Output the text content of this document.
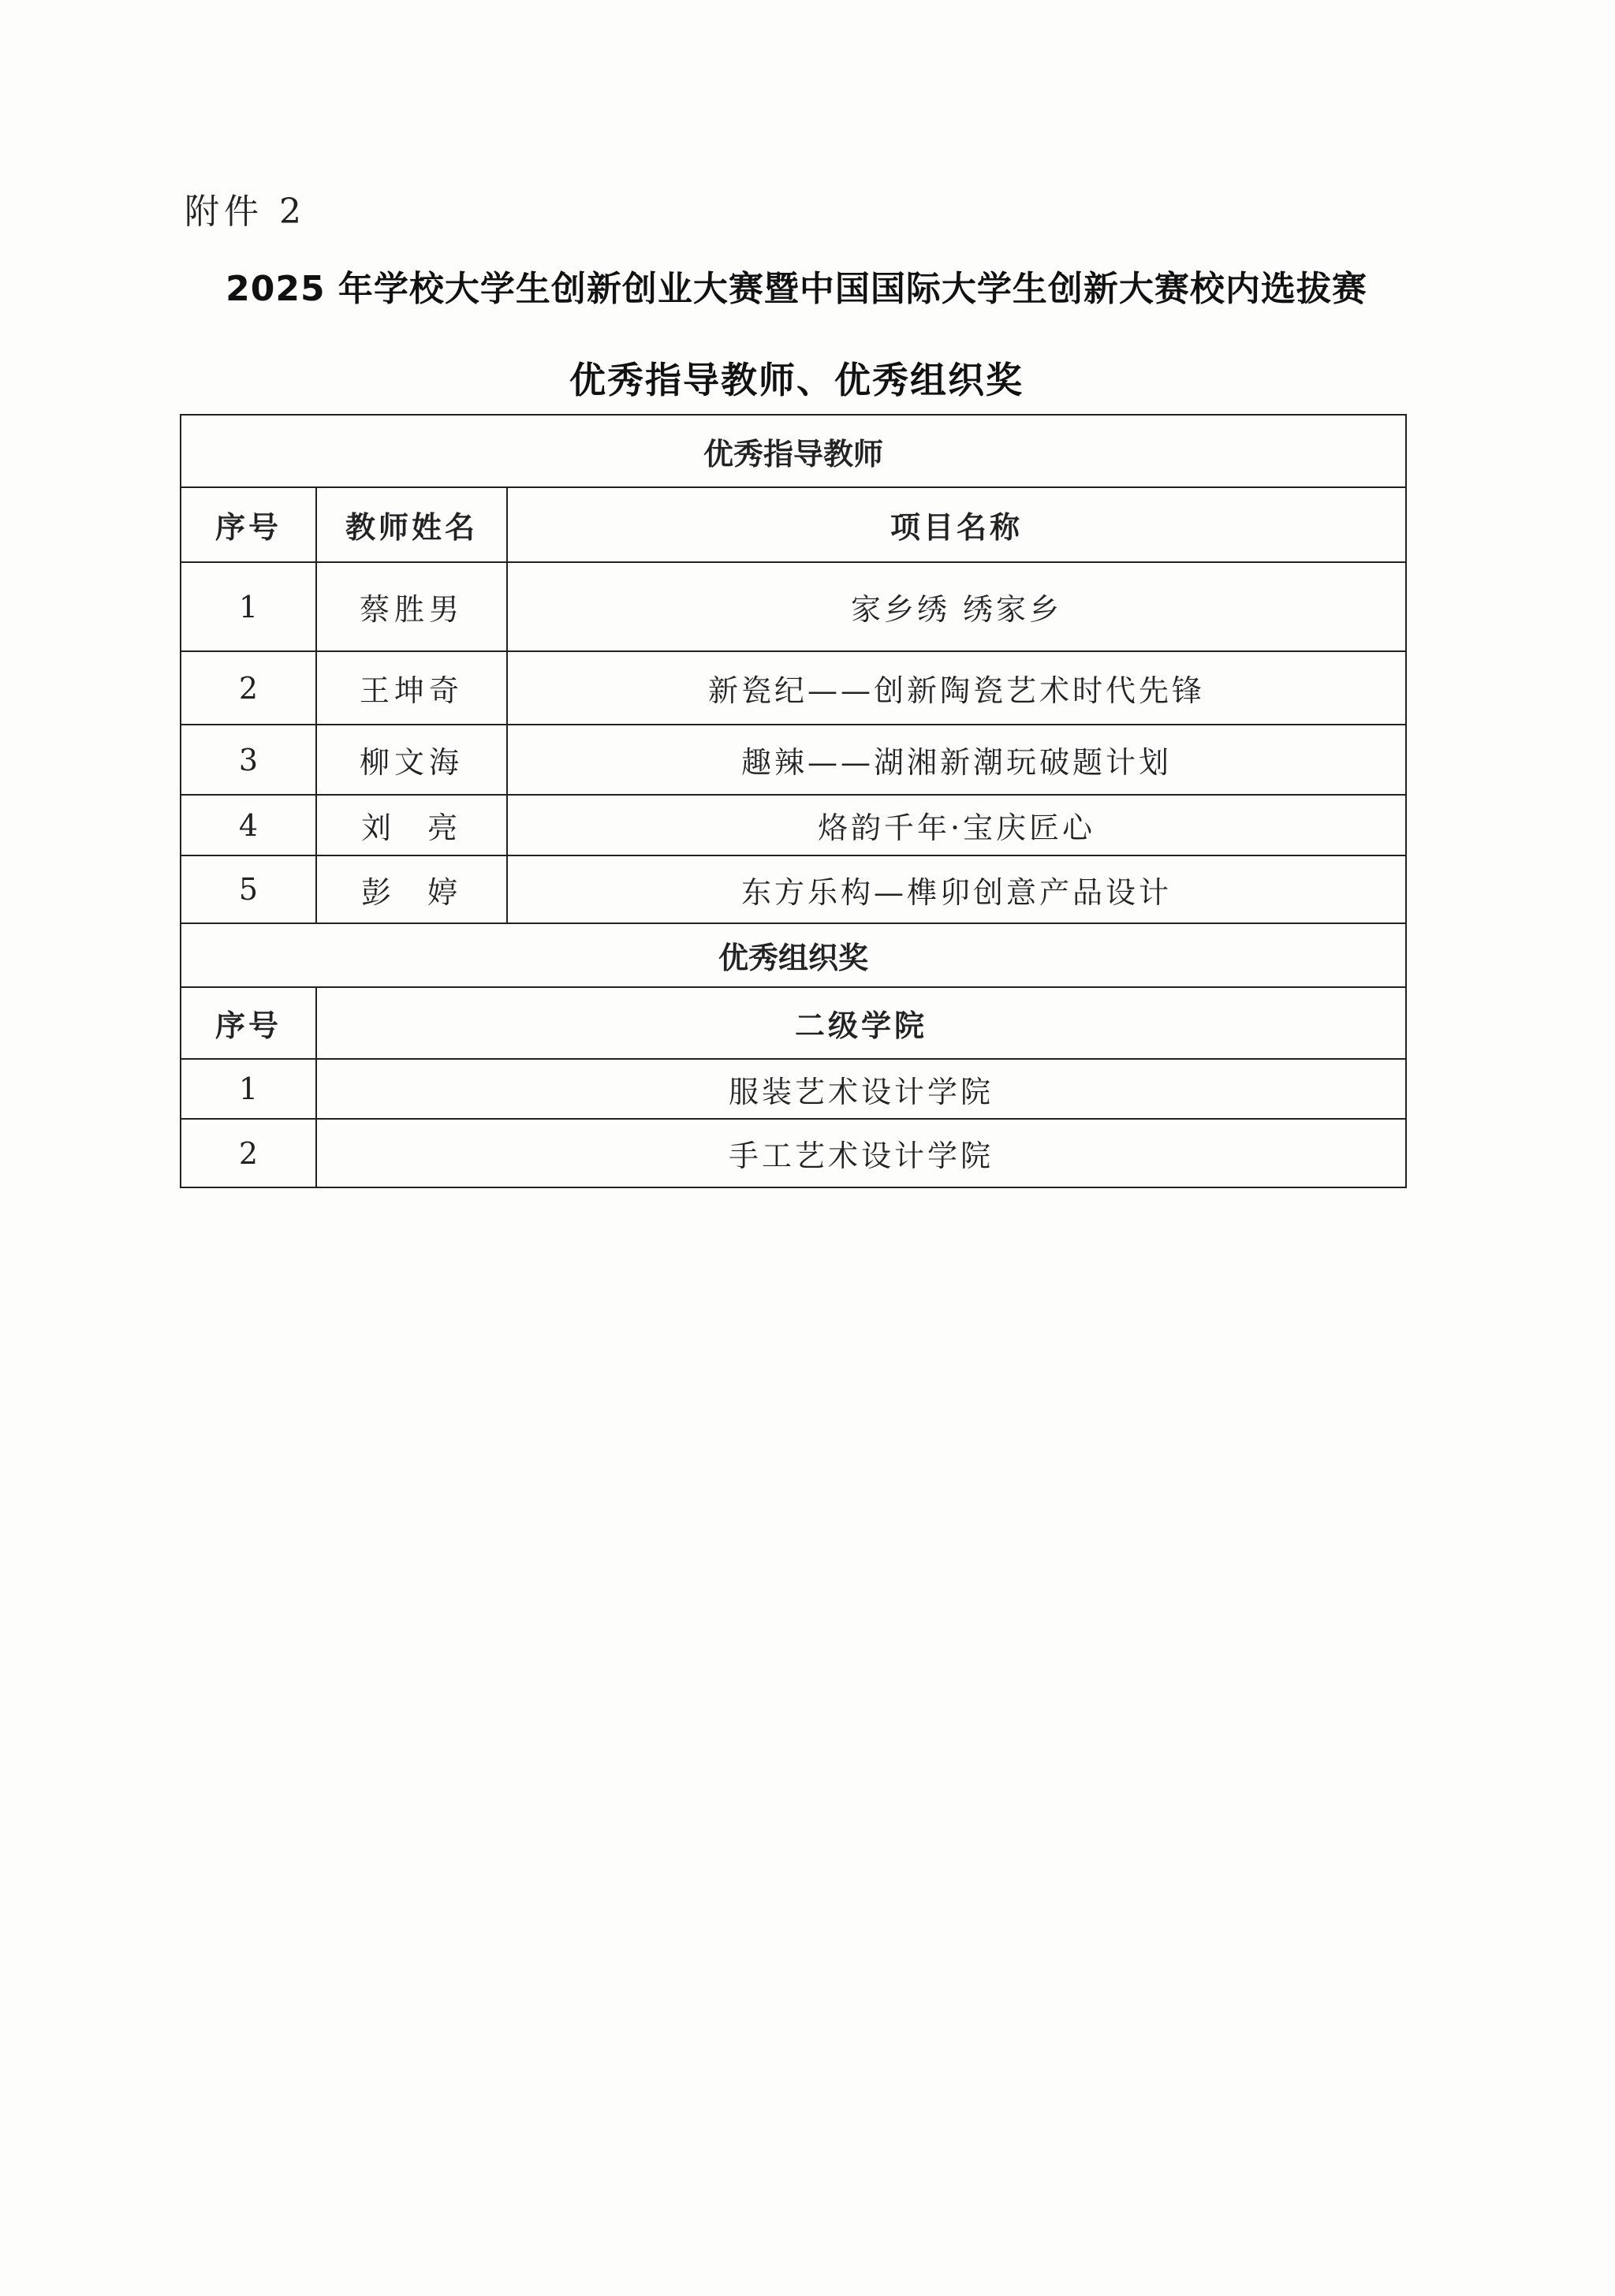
附件 2
2025 年学校大学生创新创业大赛暨中国国际大学生创新大赛校内选拔赛
优秀指导教师、优秀组织奖
优秀指导教师		
序号	教师姓名	项目名称
1	蔡胜男	家乡绣 绣家乡
2	王坤奇	新瓷纪——创新陶瓷艺术时代先锋
3	柳文海	趣辣——湖湘新潮玩破题计划
4	刘亮	烙韵千年·宝庆匠心
5	彭婷	东方乐构—榫卯创意产品设计
优秀组织奖		
序号	二级学院	
1	服装艺术设计学院	
2	手工艺术设计学院	
